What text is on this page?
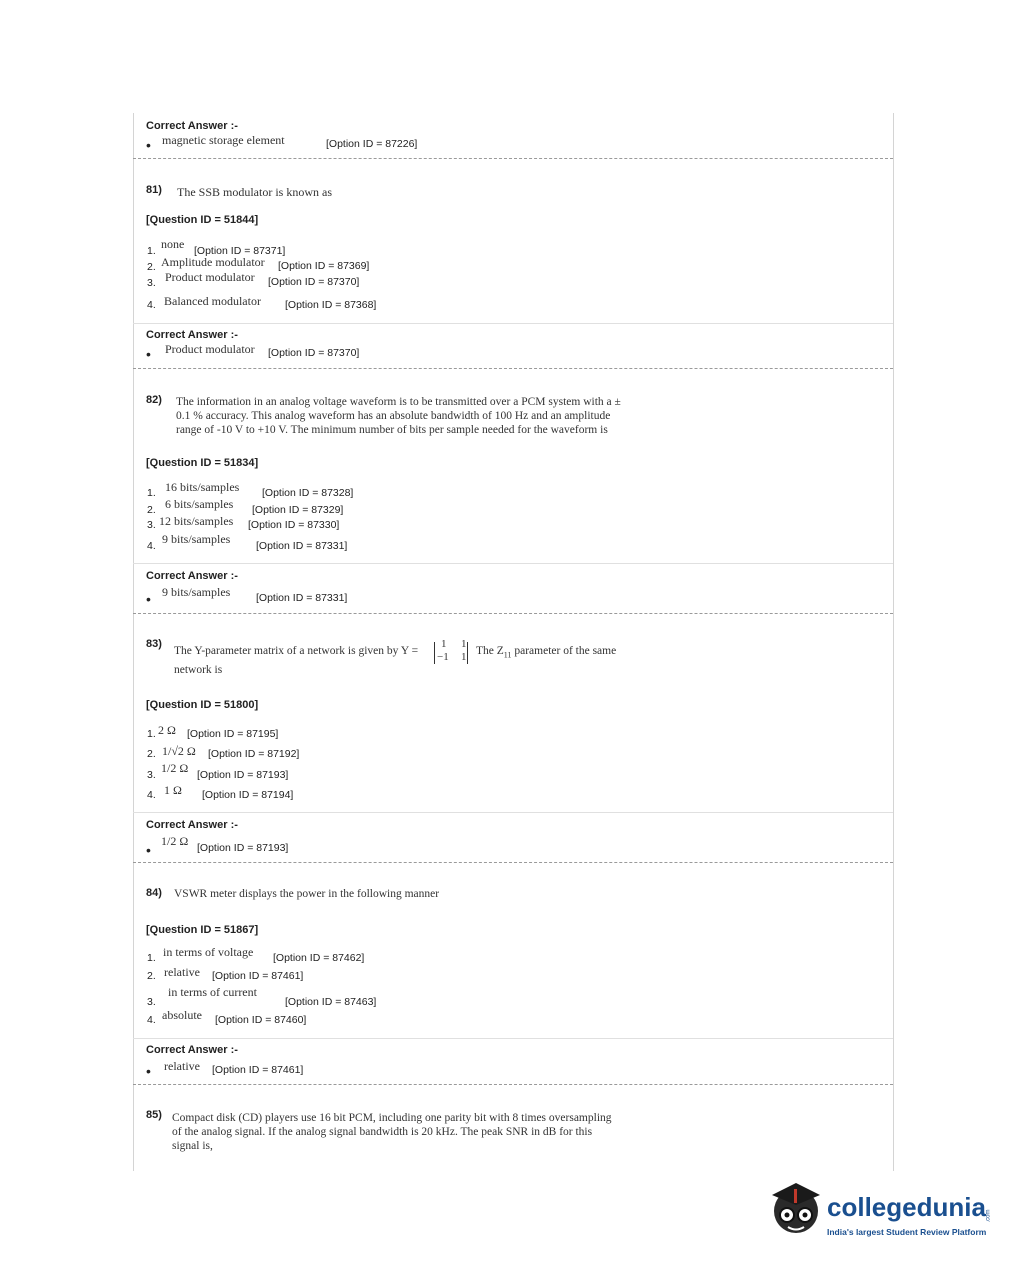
Correct Answer :-
• magnetic storage element	[Option ID = 87226]
81) The SSB modulator is known as
[Question ID = 51844]
1. none [Option ID = 87371]
2. Amplitude modulator [Option ID = 87369]
3. Product modulator [Option ID = 87370]
4. Balanced modulator [Option ID = 87368]
Correct Answer :-
• Product modulator [Option ID = 87370]
82) The information in an analog voltage waveform is to be transmitted over a PCM system with a ±
0.1 % accuracy. This analog waveform has an absolute bandwidth of 100 Hz and an amplitude
range of -10 V to +10 V. The minimum number of bits per sample needed for the waveform is
[Question ID = 51834]
1. 16 bits/samples [Option ID = 87328]
2. 6 bits/samples [Option ID = 87329]
3. 12 bits/samples [Option ID = 87330]
4. 9 bits/samples [Option ID = 87331]
Correct Answer :-
• 9 bits/samples [Option ID = 87331]
83)
The Y-parameter matrix of a network is given by Y =
1 1
−1 1 The $Z_{11}$ parameter of the same
network is
[Question ID = 51800]
1. 2 Ω [Option ID = 87195]
2. 1/√2 Ω [Option ID = 87192]
3. 1/2 Ω [Option ID = 87193]
4. 1 Ω [Option ID = 87194]
Correct Answer :-
•
1/2 Ω [Option ID = 87193]
84) VSWR meter displays the power in the following manner
[Question ID = 51867]
1. in terms of voltage [Option ID = 87462]
2. relative [Option ID = 87461]
3.
in terms of current
[Option ID = 87463]
4. absolute [Option ID = 87460]
Correct Answer :-
• relative [Option ID = 87461]
85) Compact disk (CD) players use 16 bit PCM, including one parity bit with 8 times oversampling
of the analog signal. If the analog signal bandwidth is 20 kHz. The peak SNR in dB for this
signal is,
collegedunia .com
India's largest Student Review Platform
